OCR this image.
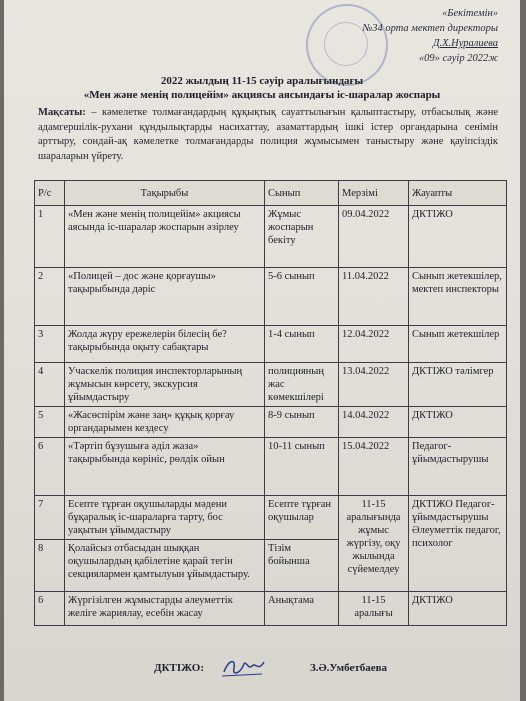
«Бекітемін»
№34 орта мектеп директоры
Д.Х.Нуралиева
«09» сәуір 2022ж
2022 жылдың 11-15 сәуір аралығындағы
«Мен және менің полицейім» акциясы аясындағы іс-шаралар жоспары
Мақсаты: – кәмелетке толмағандардың құқықтық сауаттылығын қалыптастыру, отбасылық және адамгершілік-рухани құндылықтарды насихаттау, азаматтардың ішкі істер органдарына сенімін арттыру, сондай-ақ кәмелетке толмағандарды полиция жұмысымен таныстыру және қауіпсіздік шараларын үйрету.
Р/с	Тақырыбы	Сынып	Мерзімі	Жауапты
1	«Мен және менің полицейім» акциясы аясында іс-шаралар жоспарын әзірлеу	Жұмыс жоспарын бекіту	09.04.2022	ДКТІЖО
2	«Полицей – дос және қорғаушы» тақырыбында дәріс	5-6 сынып	11.04.2022	Сынып жетекшілер, мектеп инспекторы
3	Жолда жүру ережелерін білесің бе? тақырыбында оқыту сабақтары	1-4 сынып	12.04.2022	Сынып жетекшілер
4	Учаскелік полиция инспекторларының жұмысын көрсету, экскурсия ұйымдастыру	полицияның жас көмекшілері	13.04.2022	ДКТІЖО тәлімгер
5	«Жасөспірім және заң» құқық қорғау органдарымен кездесу	8-9 сынып	14.04.2022	ДКТІЖО
6	«Тәртіп бұзушыға әділ жаза» тақырыбында көрініс, рөлдік ойын	10-11 сынып	15.04.2022	Педагог-ұйымдастырушы
7	Есепте тұрған оқушыларды мәдени бұқаралық іс-шараларға тарту, бос уақытын ұйымдастыру	Есепте тұрған оқушылар	11-15 аралығында жұмыс жүргізу, оқу жылында сүйемелдеу	ДКТІЖО Педагог-ұйымдастырушы Әлеуметтік педагог, психолог
8	Қолайсыз отбасыдан шыққан оқушылардың қабілетіне қарай тегін секциялармен қамтылуын ұйымдастыру.	Тізім бойынша		
6	Жүргізілген жұмыстарды әлеуметтік желіге жариялау, есебін жасау	Анықтама	11-15 аралығы	ДКТІЖО
ДКТІЖО:	З.Ә.Умбетбаева
